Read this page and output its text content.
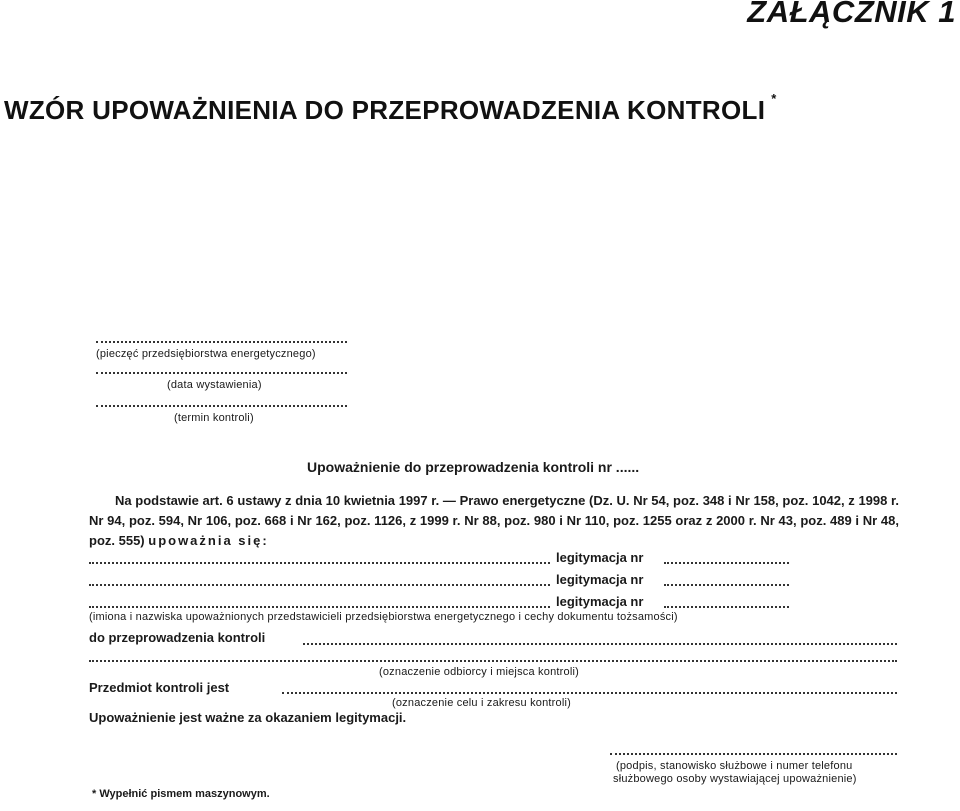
ZAŁĄCZNIK 1
WZÓR UPOWAŻNIENIA DO PRZEPROWADZENIA KONTROLI *
(pieczęć przedsiębiorstwa energetycznego)
(data wystawienia)
(termin kontroli)
Upoważnienie do przeprowadzenia kontroli nr ......
Na podstawie art. 6 ustawy z dnia 10 kwietnia 1997 r. — Prawo energetyczne (Dz. U. Nr 54, poz. 348 i Nr 158, poz. 1042, z 1998 r. Nr 94, poz. 594, Nr 106, poz. 668 i Nr 162, poz. 1126, z 1999 r. Nr 88, poz. 980 i Nr 110, poz. 1255 oraz z 2000 r. Nr 43, poz. 489 i Nr 48, poz. 555) upoważnia się:
legitymacja nr
legitymacja nr
legitymacja nr
(imiona i nazwiska upoważnionych przedstawicieli przedsiębiorstwa energetycznego i cechy dokumentu tożsamości)
do przeprowadzenia kontroli
(oznaczenie odbiorcy i miejsca kontroli)
Przedmiot kontroli jest
(oznaczenie celu i zakresu kontroli)
Upoważnienie jest ważne za okazaniem legitymacji.
(podpis, stanowisko służbowe i numer telefonu
służbowego osoby wystawiającej upoważnienie)
* Wypełnić pismem maszynowym.
